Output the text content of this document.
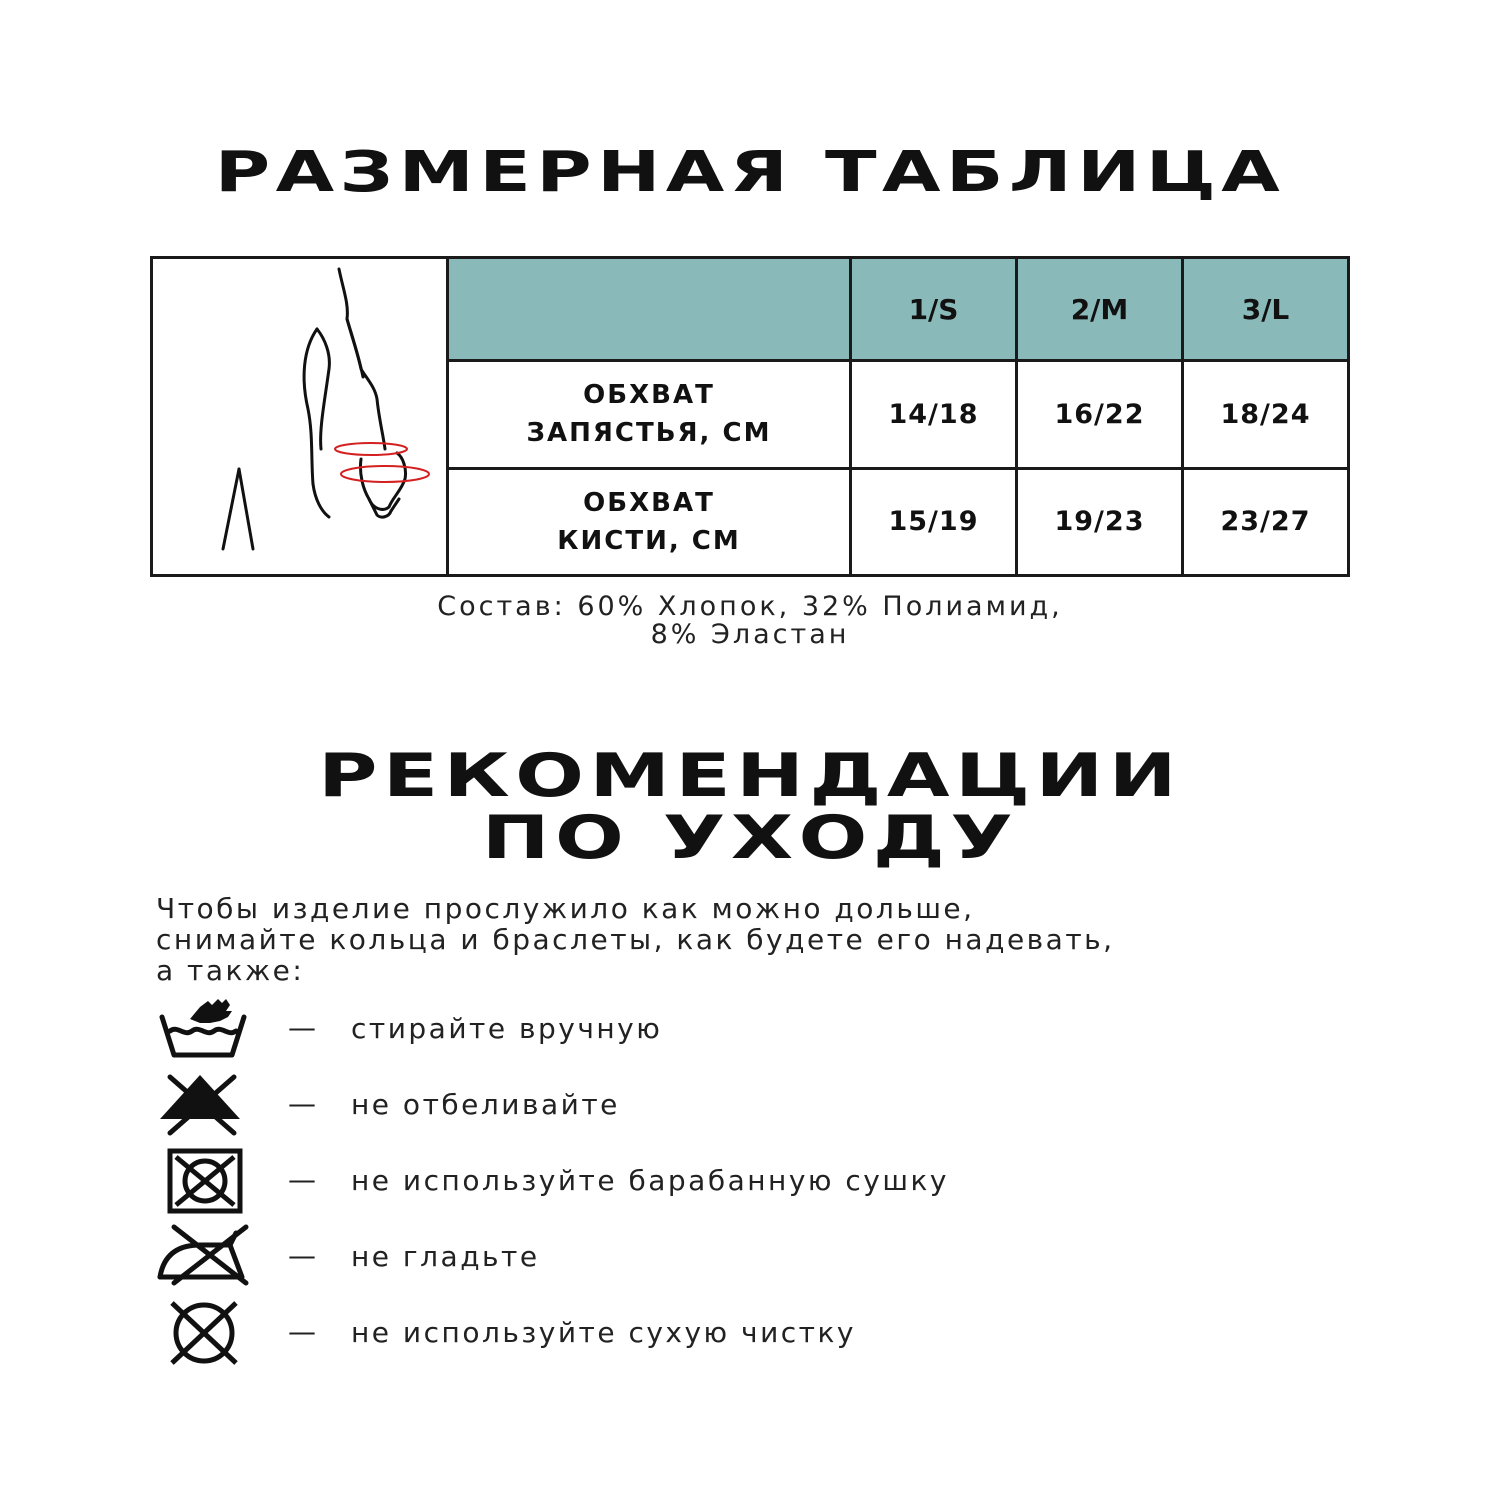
РАЗМЕРНАЯ ТАБЛИЦА
		1/S	2/M	3/L

	ОБХВАТ
ЗАПЯСТЬЯ, СМ	14/18	16/22	18/24

	ОБХВАТ
КИСТИ, СМ	15/19	19/23	23/27
Состав: 60% Хлопок, 32% Полиамид,
8% Эластан
РЕКОМЕНДАЦИИ
ПО УХОДУ
Чтобы изделие прослужило как можно дольше,
снимайте кольца и браслеты, как будете его надевать,
а также:
— стирайте вручную
— не отбеливайте
— не используйте барабанную сушку
— не гладьте
— не используйте сухую чистку
